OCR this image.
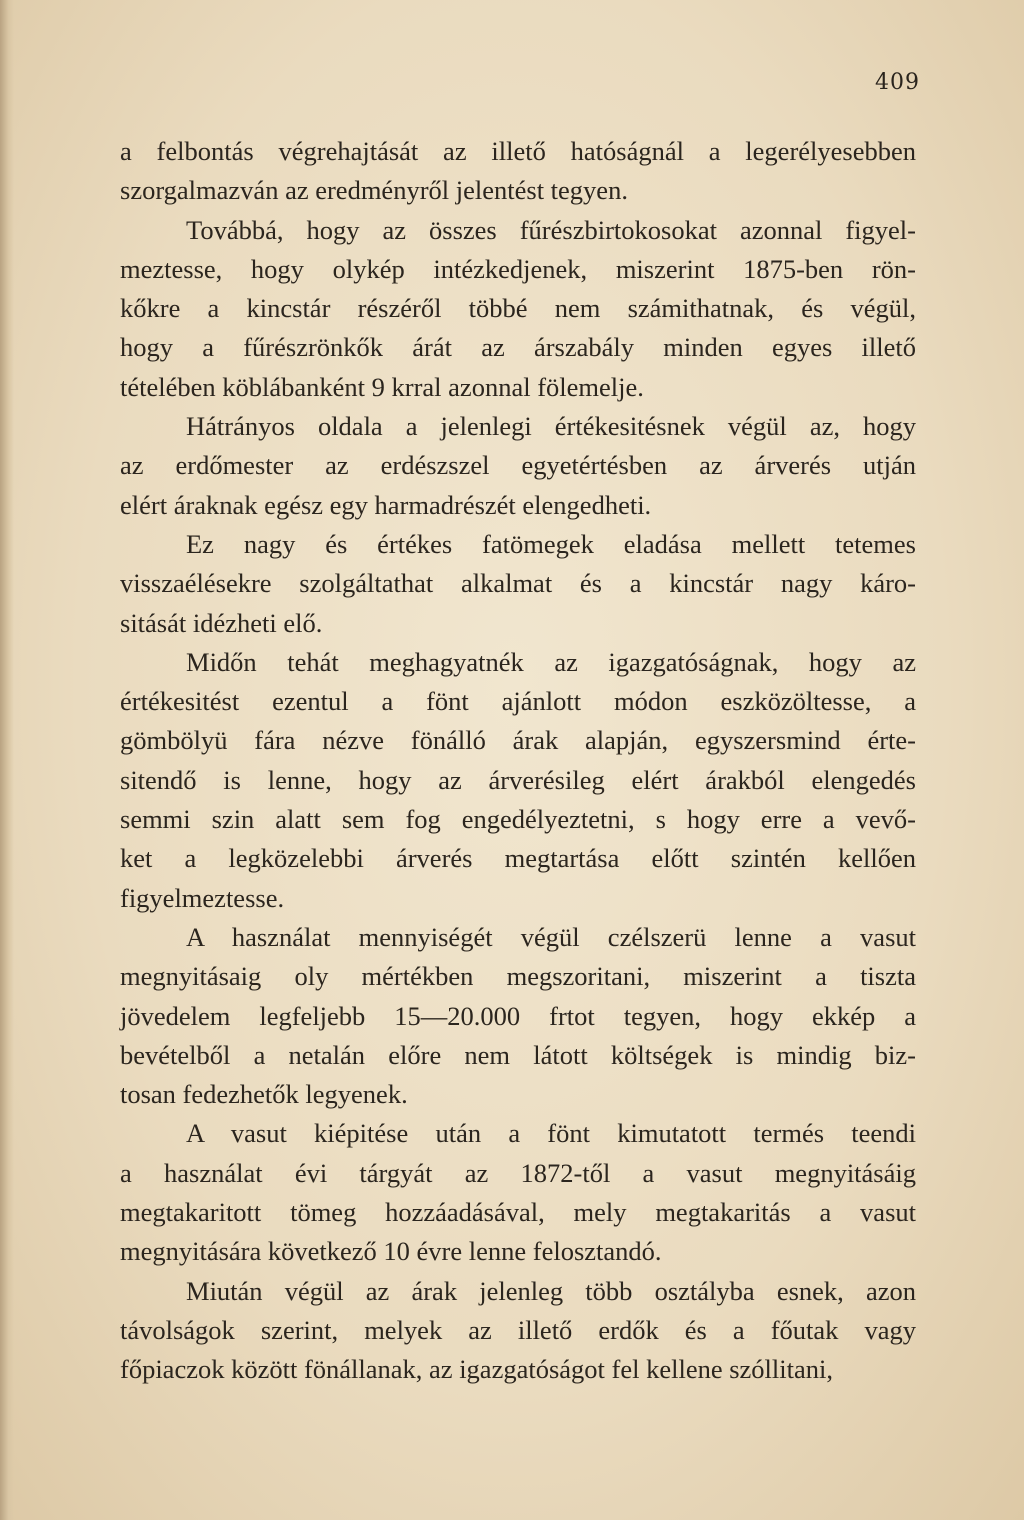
409

a felbontás végrehajtását az illető hatóságnál a legerélyesebben
szorgalmazván az eredményről jelentést tegyen.

Továbbá, hogy az összes fűrészbirtokosokat azonnal figyel-
meztesse, hogy olykép intézkedjenek, miszerint 1875-ben rön-
kőkre a kincstár részéről többé nem számithatnak, és végül,
hogy a fűrészrönkők árát az árszabály minden egyes illető
tételében köblábanként 9 krral azonnal fölemelje.

Hátrányos oldala a jelenlegi értékesitésnek végül az, hogy
az erdőmester az erdészszel egyetértésben az árverés utján
elért áraknak egész egy harmadrészét elengedheti.

Ez nagy és értékes fatömegek eladása mellett tetemes
visszaélésekre szolgáltathat alkalmat és a kincstár nagy káro-
sitását idézheti elő.

Midőn tehát meghagyatnék az igazgatóságnak, hogy az
értékesitést ezentul a fönt ajánlott módon eszközöltesse, a
gömbölyü fára nézve fönálló árak alapján, egyszersmind érte-
sitendő is lenne, hogy az árverésileg elért árakból elengedés
semmi szin alatt sem fog engedélyeztetni, s hogy erre a vevő-
ket a legközelebbi árverés megtartása előtt szintén kellően
figyelmeztesse.

A használat mennyiségét végül czélszerü lenne a vasut
megnyitásaig oly mértékben megszoritani, miszerint a tiszta
jövedelem legfeljebb 15—20.000 frtot tegyen, hogy ekkép a
bevételből a netalán előre nem látott költségek is mindig biz-
tosan fedezhetők legyenek.

A vasut kiépitése után a fönt kimutatott termés teendi
a használat évi tárgyát az 1872-től a vasut megnyitásáig
megtakaritott tömeg hozzáadásával, mely megtakaritás a vasut
megnyitására következő 10 évre lenne felosztandó.

Miután végül az árak jelenleg több osztályba esnek, azon
távolságok szerint, melyek az illető erdők és a főutak vagy
főpiaczok között fönállanak, az igazgatóságot fel kellene szóllitani,
